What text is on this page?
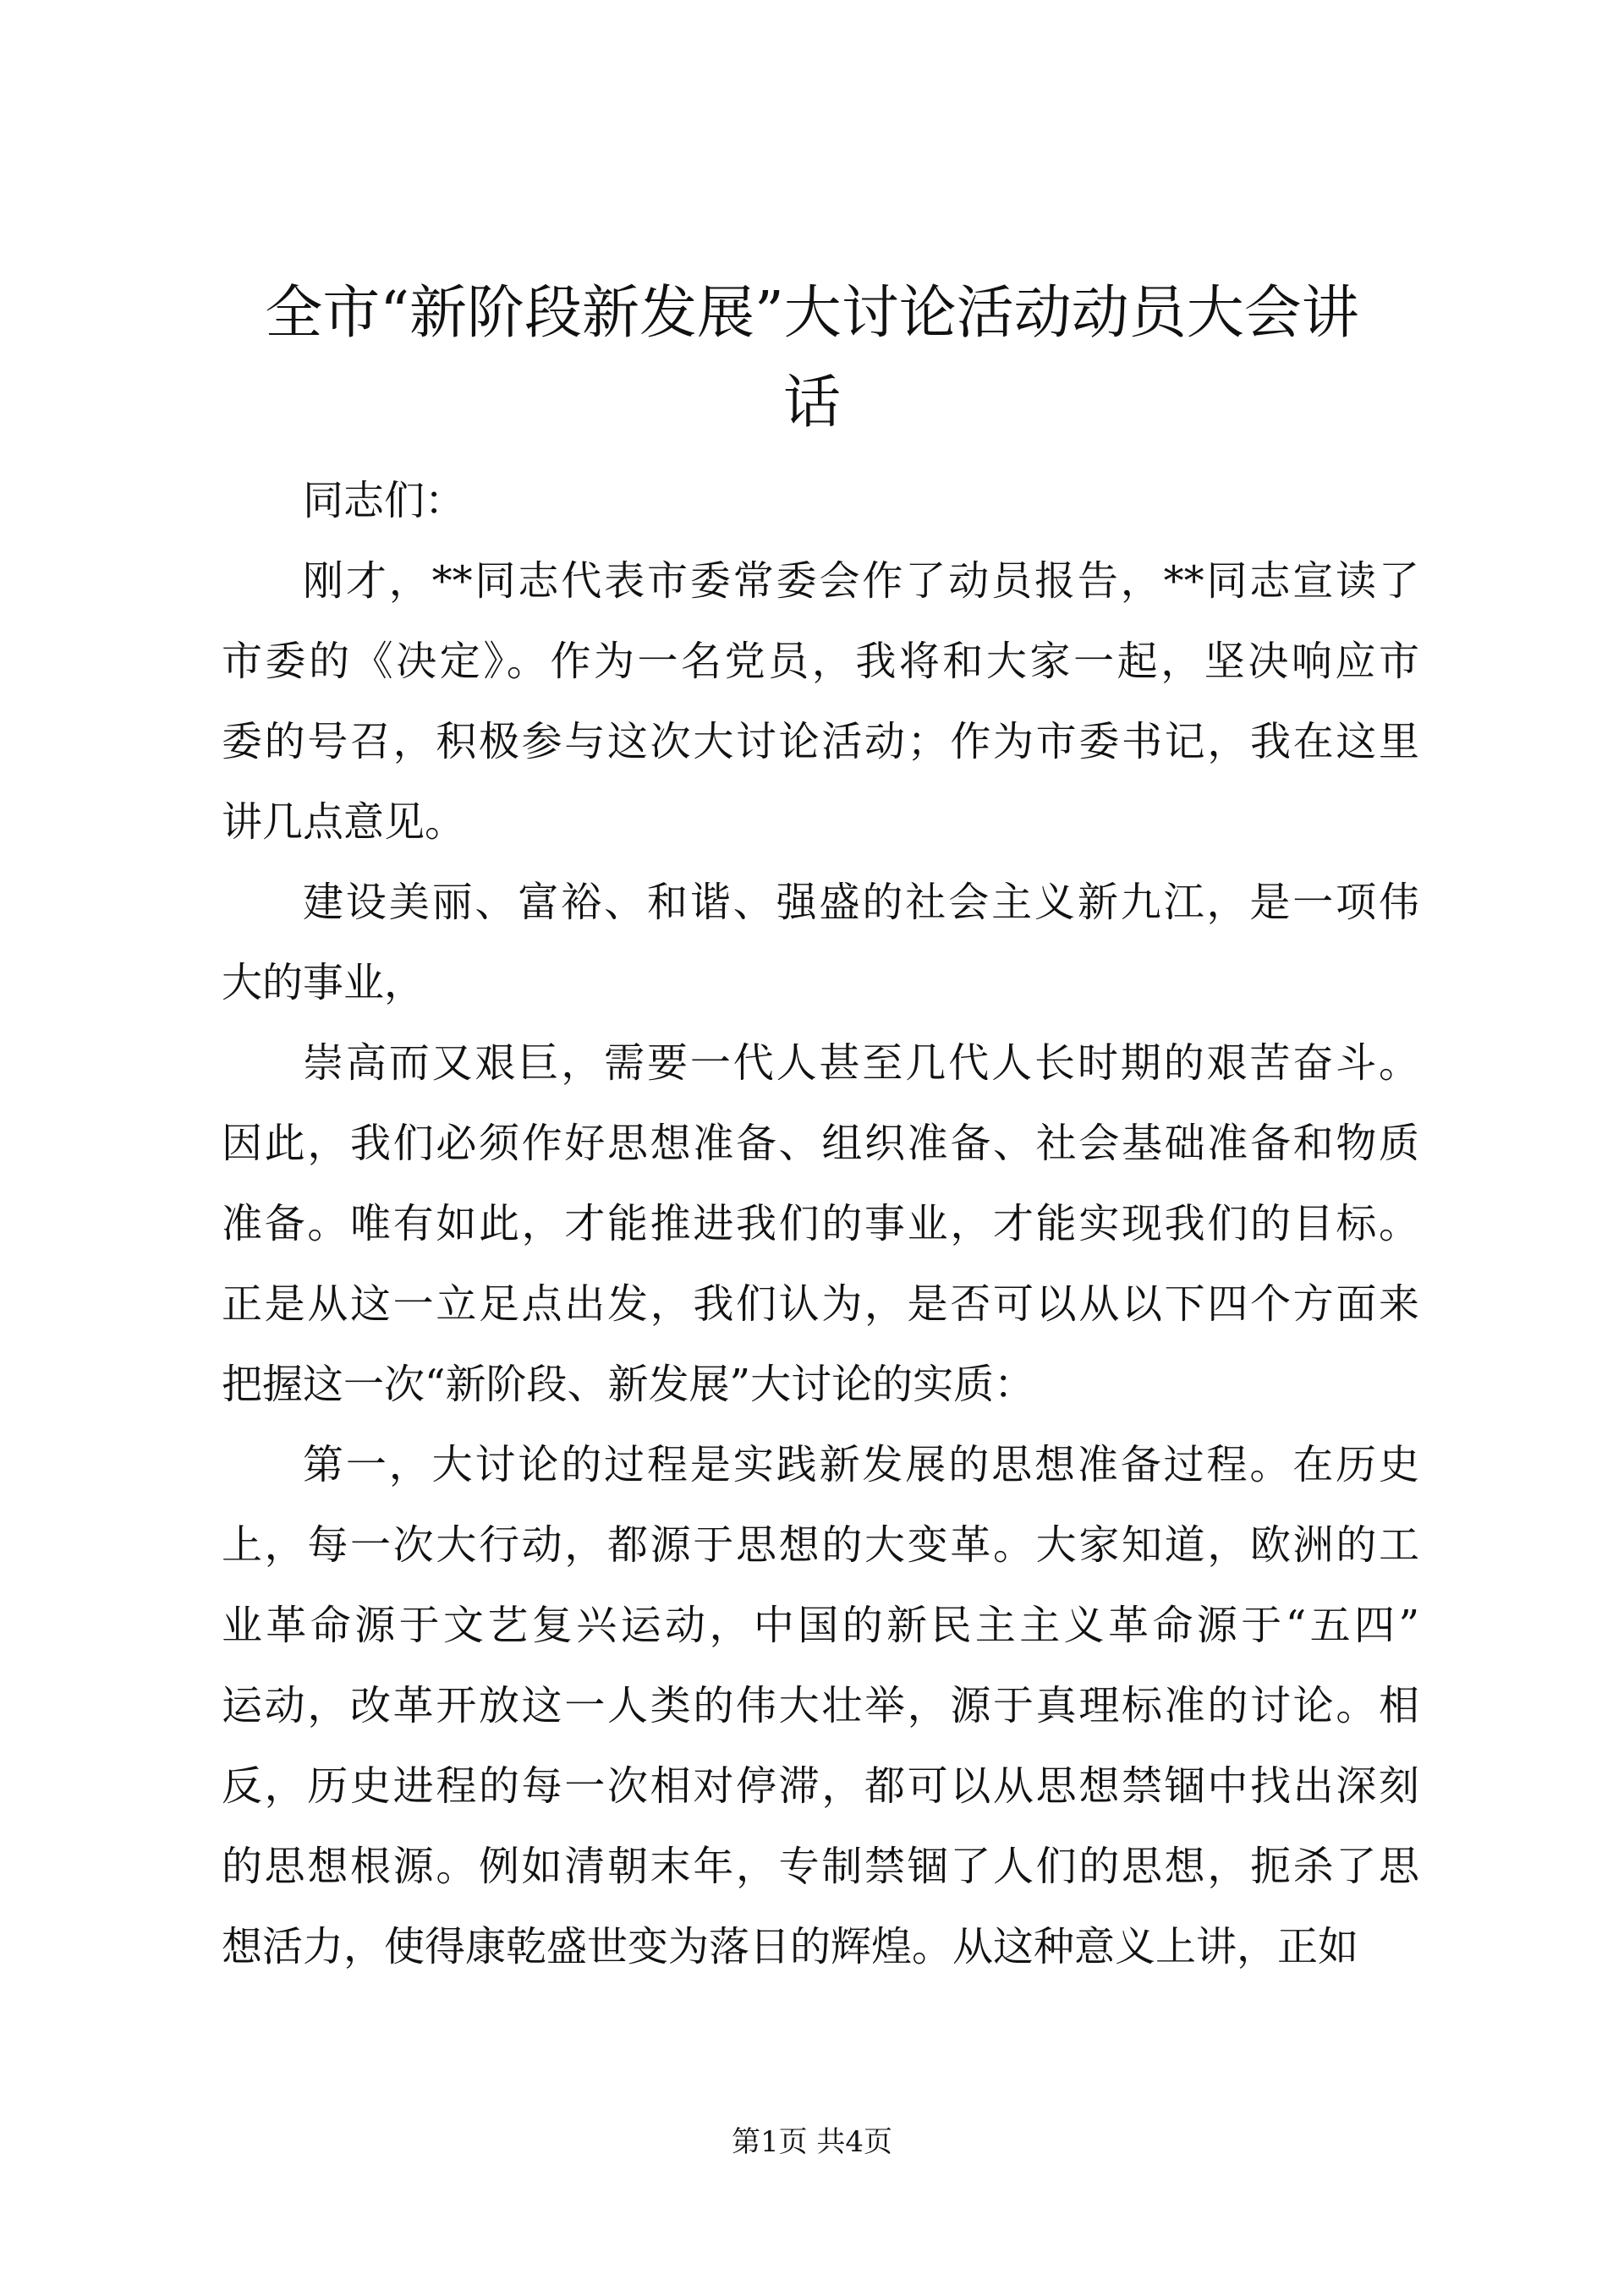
全市“新阶段新发展”大讨论活动动员大会讲
话
同志们：
刚才，**同志代表市委常委会作了动员报告，**同志宣读了
市委的《决定》。作为一名党员，我将和大家一起，坚决响应市
委的号召，积极参与这次大讨论活动；作为市委书记，我在这里
讲几点意见。
建设美丽、富裕、和谐、强盛的社会主义新九江，是一项伟
大的事业，
崇高而又艰巨，需要一代人甚至几代人长时期的艰苦奋斗。
因此，我们必须作好思想准备、组织准备、社会基础准备和物质
准备。唯有如此，才能推进我们的事业，才能实现我们的目标。
正是从这一立足点出发，我们认为，是否可以从以下四个方面来
把握这一次“新阶段、新发展”大讨论的实质：
第一，大讨论的过程是实践新发展的思想准备过程。在历史
上，每一次大行动，都源于思想的大变革。大家知道，欧洲的工
业革命源于文艺复兴运动，中国的新民主主义革命源于“五四”
运动，改革开放这一人类的伟大壮举，源于真理标准的讨论。相
反，历史进程的每一次相对停滞，都可以从思想禁锢中找出深刻
的思想根源。例如清朝末年，专制禁锢了人们的思想，扼杀了思
想活力，使得康乾盛世变为落日的辉煌。从这种意义上讲，正如
第1页 共4页
